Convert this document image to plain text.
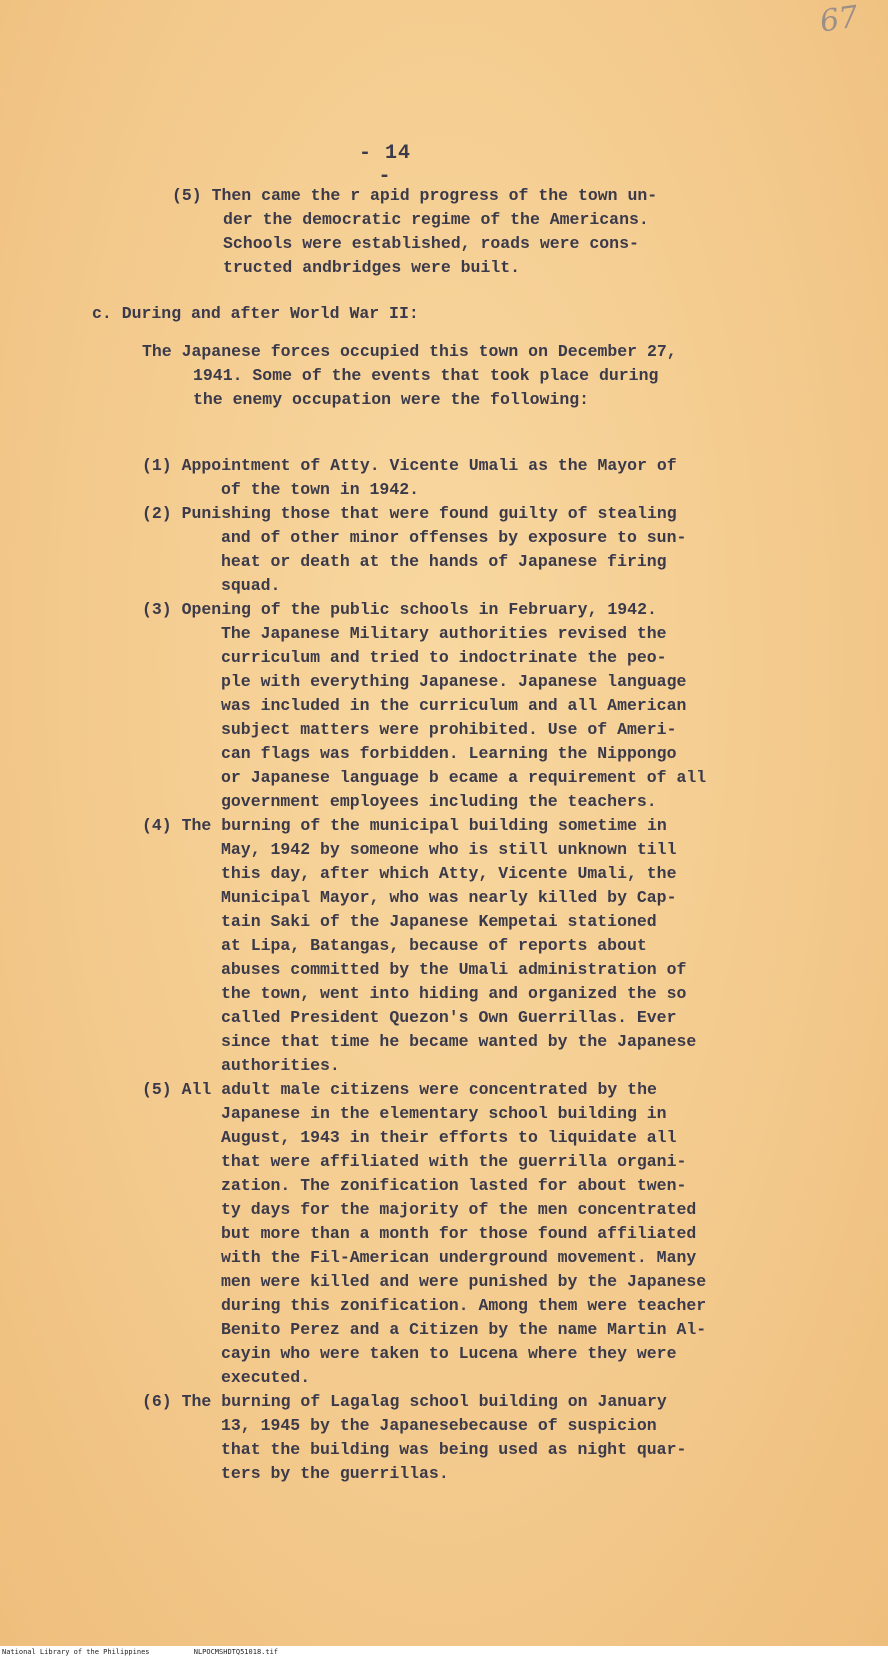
67
- 14 -
(5) Then came the r apid progress of the town un-
der the democratic regime of the Americans.
Schools were established, roads were cons-
tructed andbridges were built.
c. During and after World War II:
The Japanese forces occupied this town on December 27,
1941. Some of the events that took place during
the enemy occupation were the following:
(1) Appointment of Atty. Vicente Umali as the Mayor of
of the town in 1942.
(2) Punishing those that were found guilty of stealing
and of other minor offenses by exposure to sun-
heat or death at the hands of Japanese firing
squad.
(3) Opening of the public schools in February, 1942.
The Japanese Military authorities revised the
curriculum and tried to indoctrinate the peo-
ple with everything Japanese. Japanese language
was included in the curriculum and all American
subject matters were prohibited. Use of Ameri-
can flags was forbidden. Learning the Nippongo
or Japanese language b ecame a requirement of all
government employees including the teachers.
(4) The burning of the municipal building sometime in
May, 1942 by someone who is still unknown till
this day, after which Atty, Vicente Umali, the
Municipal Mayor, who was nearly killed by Cap-
tain Saki of the Japanese Kempetai stationed
at Lipa, Batangas, because of reports about
abuses committed by the Umali administration of
the town, went into hiding and organized the so
called President Quezon's Own Guerrillas. Ever
since that time he became wanted by the Japanese
authorities.
(5) All adult male citizens were concentrated by the
Japanese in the elementary school building in
August, 1943 in their efforts to liquidate all
that were affiliated with the guerrilla organi-
zation. The zonification lasted for about twen-
ty days for the majority of the men concentrated
but more than a month for those found affiliated
with the Fil-American underground movement. Many
men were killed and were punished by the Japanese
during this zonification. Among them were teacher
Benito Perez and a Citizen by the name Martin Al-
cayin who were taken to Lucena where they were
executed.
(6) The burning of Lagalag school building on January
13, 1945 by the Japanesebecause of suspicion
that the building was being used as night quar-
ters by the guerrillas.
National Library of the Philippines	NLPOCMSHDTQ51018.tif
